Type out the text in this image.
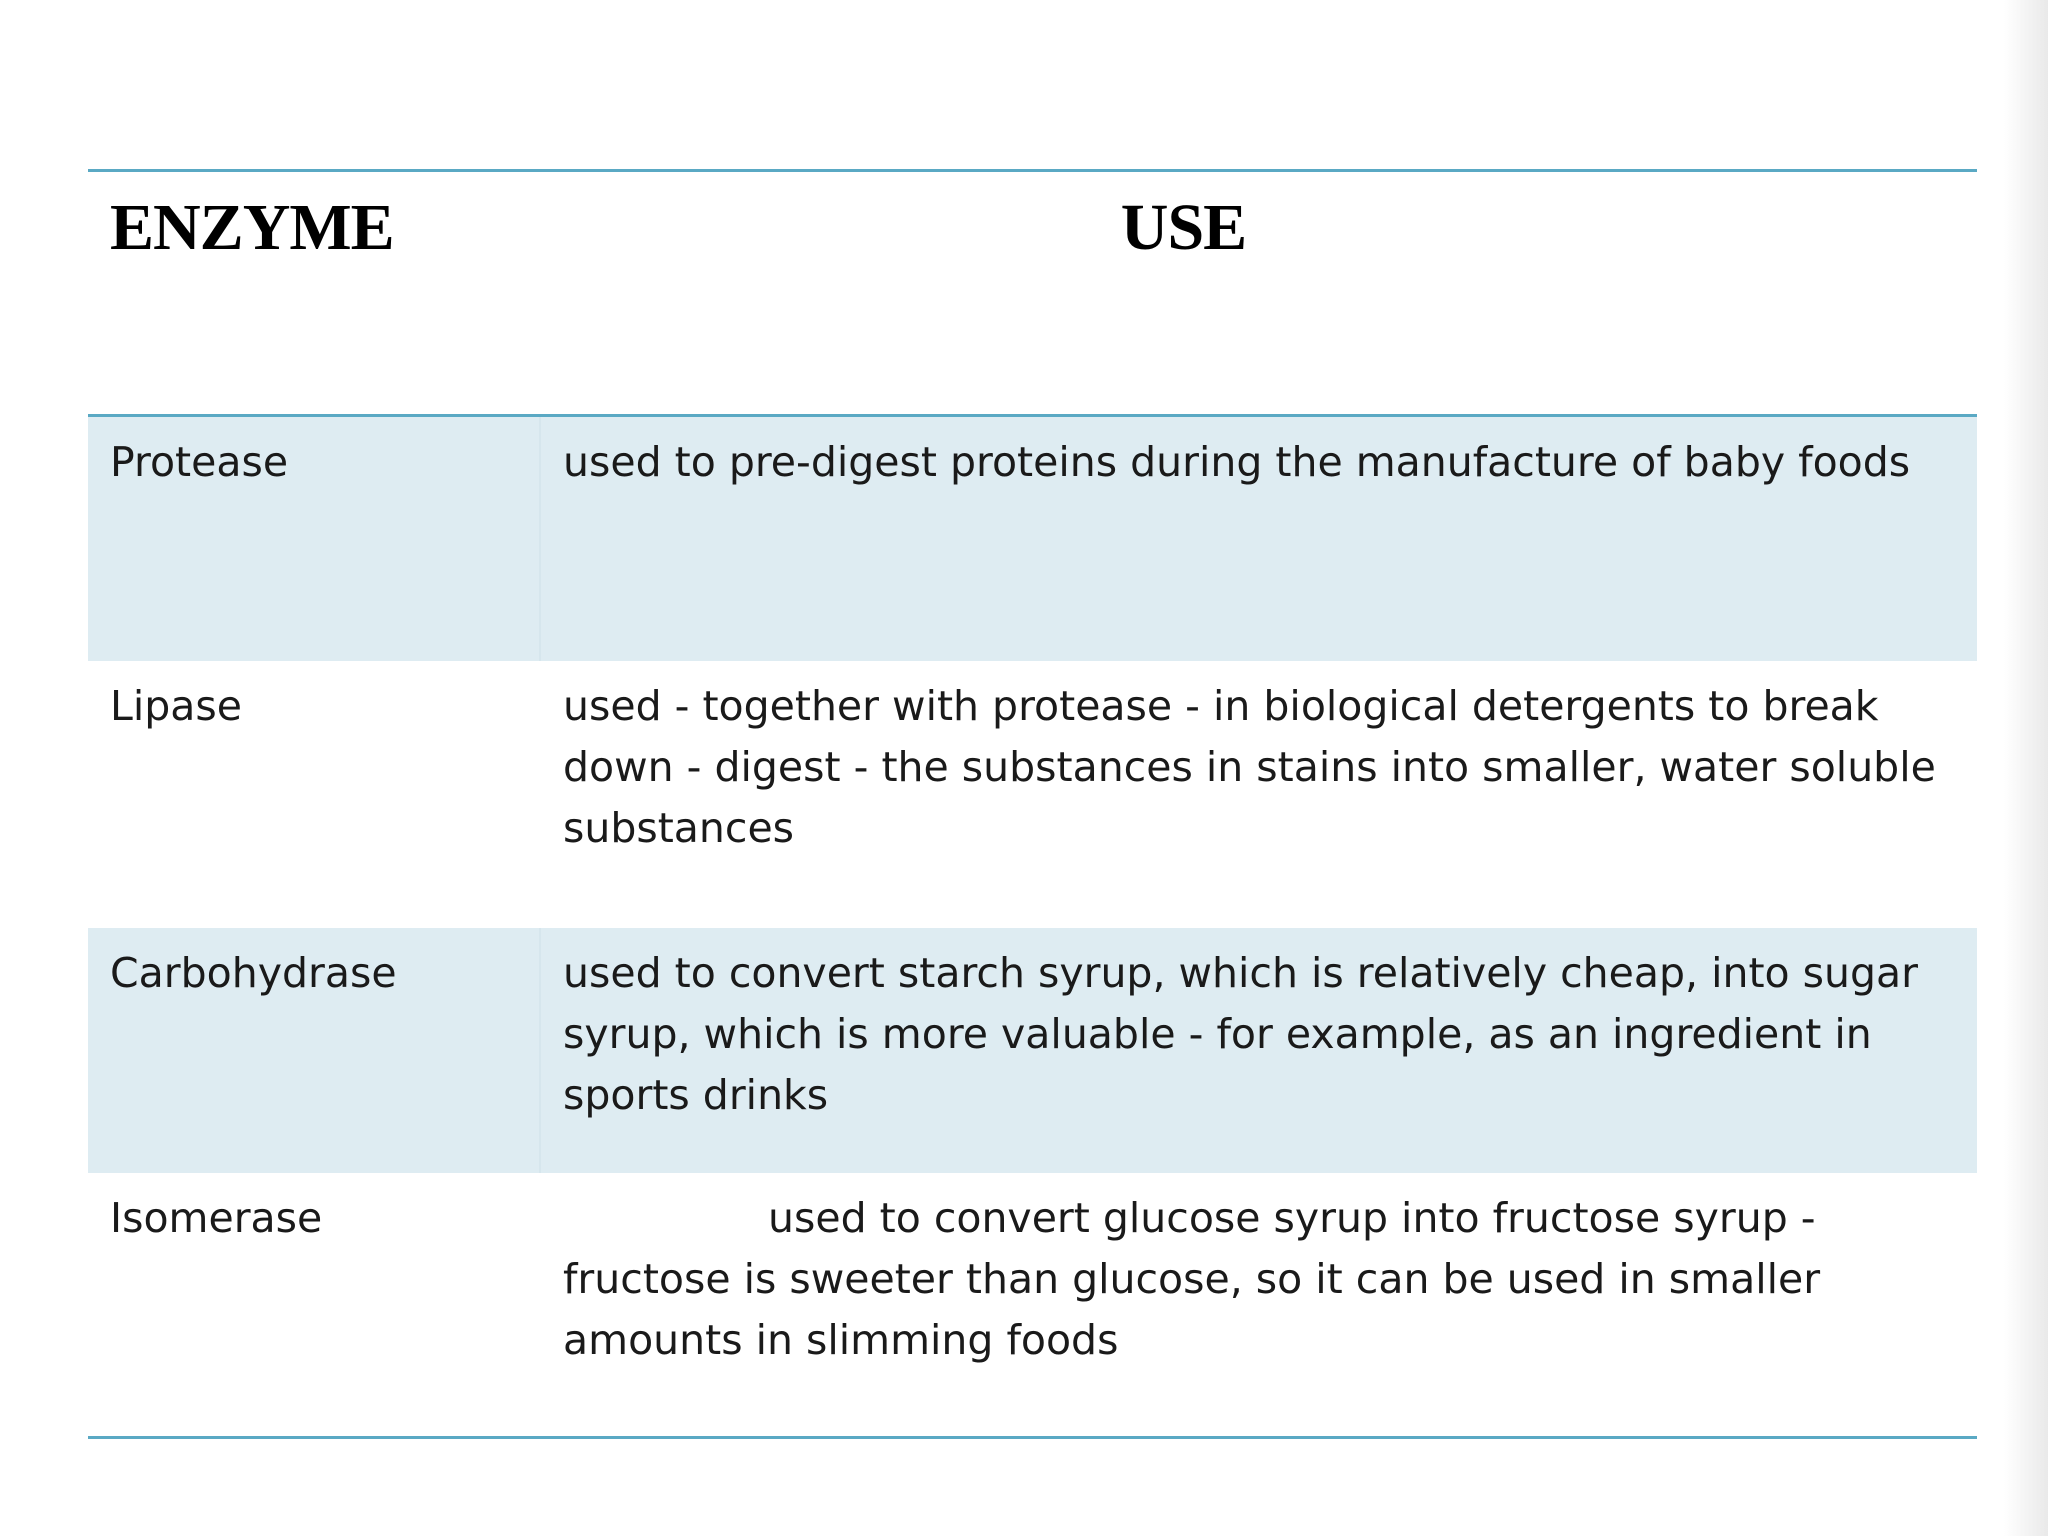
ENZYME	USE
Protease	used to pre-digest proteins during the manufacture of baby foods
Lipase	used - together with protease - in biological detergents to break down - digest - the substances in stains into smaller, water soluble substances
Carbohydrase	used to convert starch syrup, which is relatively cheap, into sugar syrup, which is more valuable - for example, as an ingredient in sports drinks
Isomerase	used to convert glucose syrup into fructose syrup - fructose is sweeter than glucose, so it can be used in smaller amounts in slimming foods
